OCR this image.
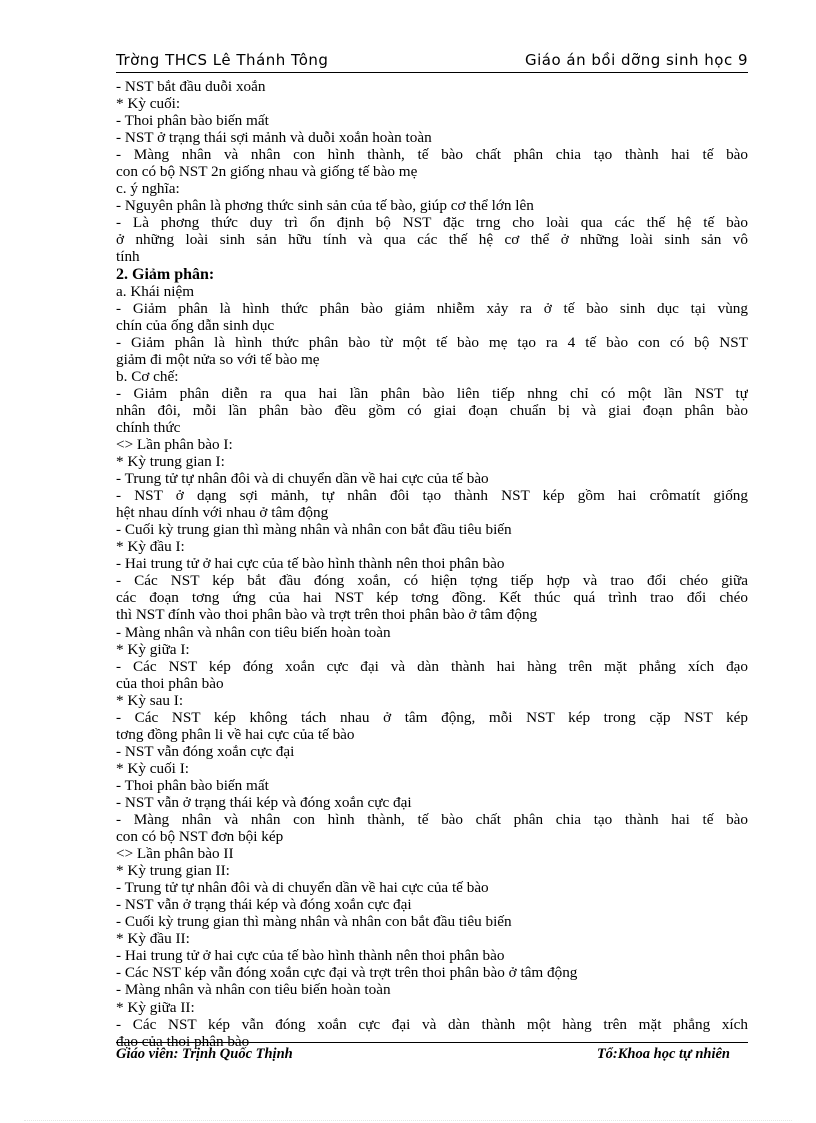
Trờng THCS Lê Thánh Tông	Giáo án bồi dỡng sinh học 9

- NST bắt đầu duỗi xoắn

* Kỳ cuối:

- Thoi phân bào biến mất

- NST ở trạng thái sợi mảnh và duỗi xoắn hoàn toàn

- Màng nhân và nhân con hình thành, tế bào chất phân chia tạo thành hai tế bào

con có bộ NST 2n giống nhau và giống tế bào mẹ

c. ý nghĩa:

- Nguyên phân là phơng thức sinh sản của tế bào, giúp cơ thể lớn lên

- Là phơng thức duy trì ổn định bộ NST đặc trng cho loài qua các thế hệ tế bào

ở những loài sinh sản hữu tính và qua các thế hệ cơ thể ở những loài sinh sản vô

tính

2. Giảm phân:

a. Khái niệm

- Giảm phân là hình thức phân bào giảm nhiễm xảy ra ở tế bào sinh dục tại vùng

chín của ống dẫn sinh dục

- Giảm phân là hình thức phân bào từ một tế bào mẹ tạo ra 4 tế bào con có bộ NST

giảm đi một nửa so với tế bào mẹ

b. Cơ chế:

- Giảm phân diễn ra qua hai lần phân bào liên tiếp nhng chỉ có một lần NST tự

nhân đôi, mỗi lần phân bào đều gồm có giai đoạn chuẩn bị và giai đoạn phân bào

chính thức

<> Lần phân bào I:

* Kỳ trung gian I:

- Trung tử tự nhân đôi và di chuyển dần về hai cực của tế bào

- NST ở dạng sợi mảnh, tự nhân đôi tạo thành NST kép gồm hai crômatít giống

hệt nhau dính với nhau ở tâm động

- Cuối kỳ trung gian thì màng nhân và nhân con bắt đầu tiêu biến

* Kỳ đầu I:

- Hai trung tử ở hai cực của tế bào hình thành nên thoi phân bào

- Các NST kép bắt đầu đóng xoắn, có hiện tợng tiếp hợp và trao đổi chéo giữa

các đoạn tơng ứng của hai NST kép tơng đồng. Kết thúc quá trình trao đổi chéo

thì NST đính vào thoi phân bào và trợt trên thoi phân bào ở tâm động

- Màng nhân và nhân con tiêu biến hoàn toàn

* Kỳ giữa I:

- Các NST kép đóng xoắn cực đại và dàn thành hai hàng trên mặt phẳng xích đạo

của thoi phân bào

* Kỳ sau I:

- Các NST kép không tách nhau ở tâm động, mỗi NST kép trong cặp NST kép

tơng đồng phân li về hai cực của tế bào

- NST vẫn đóng xoắn cực đại

* Kỳ cuối I:

- Thoi phân bào biến mất

- NST vẫn ở trạng thái kép và đóng xoắn cực đại

- Màng nhân và nhân con hình thành, tế bào chất phân chia tạo thành hai tế bào

con có bộ NST đơn bội kép

<> Lần phân bào II

* Kỳ trung gian II:

- Trung tử tự nhân đôi và di chuyển dần về hai cực của tế bào

- NST vẫn ở trạng thái kép và đóng xoắn cực đại

- Cuối kỳ trung gian thì màng nhân và nhân con bắt đầu tiêu biến

* Kỳ đầu II:

- Hai trung tử ở hai cực của tế bào hình thành nên thoi phân bào

- Các NST kép vẫn đóng xoắn cực đại và trợt trên thoi phân bào ở tâm động

- Màng nhân và nhân con tiêu biến hoàn toàn

* Kỳ giữa II:

- Các NST kép vẫn đóng xoắn cực đại và dàn thành một hàng trên mặt phẳng xích

đạo của thoi phân bào

Giáo viên: Trịnh Quốc Thịnh	Tổ:Khoa học tự nhiên
